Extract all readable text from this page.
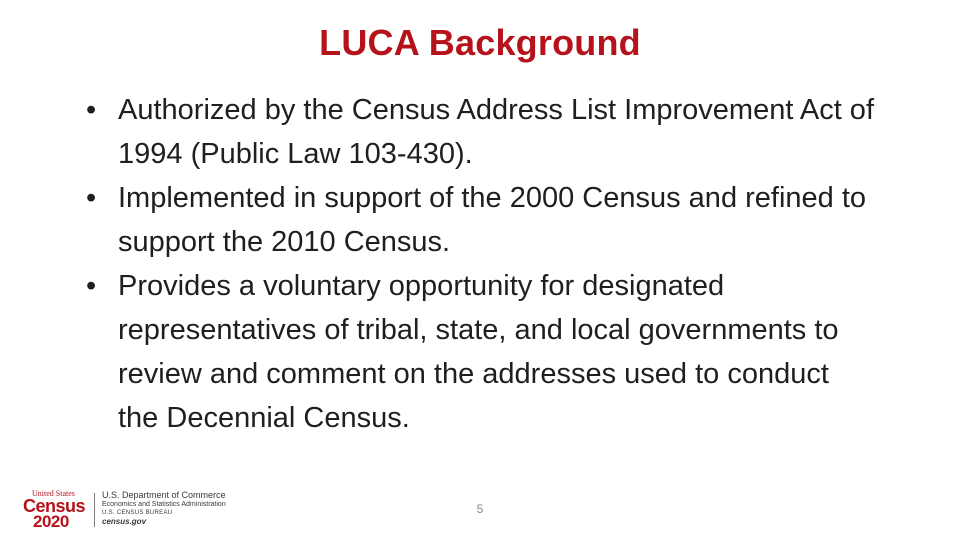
LUCA Background
• Authorized by the Census Address List Improvement Act of 1994 (Public Law 103-430).
• Implemented in support of the 2000 Census and refined to support the 2010 Census.
• Provides a voluntary opportunity for designated representatives of tribal, state, and local governments to review and comment on the addresses used to conduct the Decennial Census.
United States
Census
2020
U.S. Department of Commerce
Economics and Statistics Administration
U.S. CENSUS BUREAU
census.gov
5
